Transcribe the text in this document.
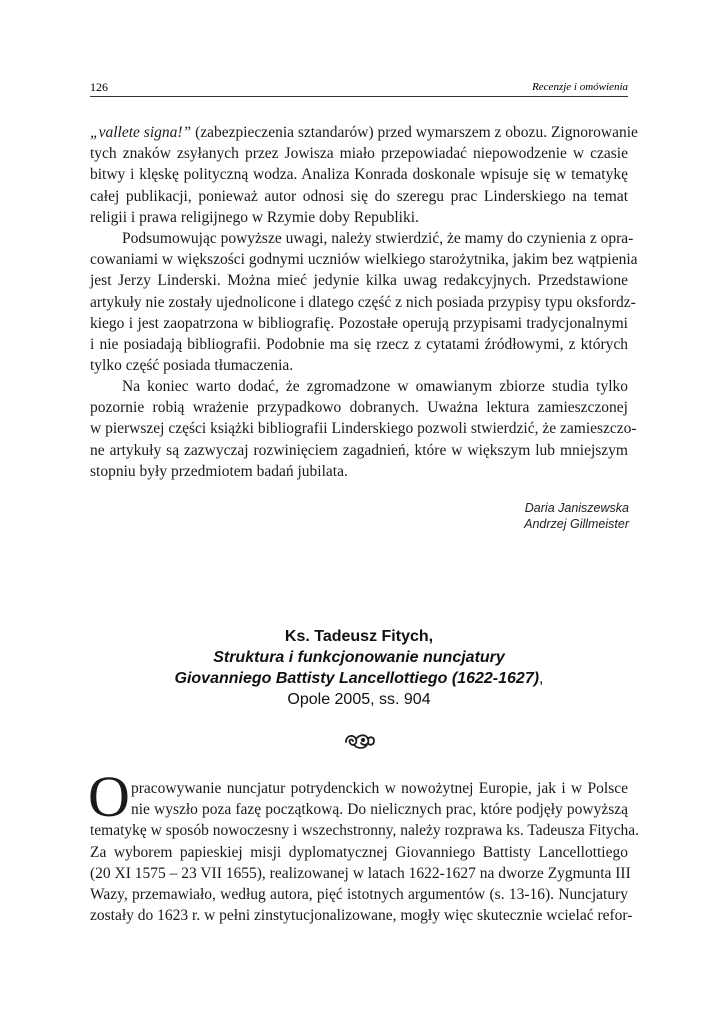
126	Recenzje i omówienia
„vallete signa!” (zabezpieczenia sztandarów) przed wymarszem z obozu. Zignorowanie
tych znaków zsyłanych przez Jowisza miało przepowiadać niepowodzenie w czasie
bitwy i klęskę polityczną wodza. Analiza Konrada doskonale wpisuje się w tematykę
całej publikacji, ponieważ autor odnosi się do szeregu prac Linderskiego na temat
religii i prawa religijnego w Rzymie doby Republiki.
Podsumowując powyższe uwagi, należy stwierdzić, że mamy do czynienia z opra-
cowaniami w większości godnymi uczniów wielkiego starożytnika, jakim bez wątpienia
jest Jerzy Linderski. Można mieć jedynie kilka uwag redakcyjnych. Przedstawione
artykuły nie zostały ujednolicone i dlatego część z nich posiada przypisy typu oksfordz-
kiego i jest zaopatrzona w bibliografię. Pozostałe operują przypisami tradycjonalnymi
i nie posiadają bibliografii. Podobnie ma się rzecz z cytatami źródłowymi, z których
tylko część posiada tłumaczenia.
Na koniec warto dodać, że zgromadzone w omawianym zbiorze studia tylko
pozornie robią wrażenie przypadkowo dobranych. Uważna lektura zamieszczonej
w pierwszej części książki bibliografii Linderskiego pozwoli stwierdzić, że zamieszczo-
ne artykuły są zazwyczaj rozwinięciem zagadnień, które w większym lub mniejszym
stopniu były przedmiotem badań jubilata.
Daria Janiszewska
Andrzej Gillmeister
Ks. Tadeusz Fitych,
Struktura i funkcjonowanie nuncjatury
Giovanniego Battisty Lancellottiego (1622-1627),
Opole 2005, ss. 904
O pracowywanie nuncjatur potrydenckich w nowożytnej Europie, jak i w Polsce
nie wyszło poza fazę początkową. Do nielicznych prac, które podjęły powyższą
tematykę w sposób nowoczesny i wszechstronny, należy rozprawa ks. Tadeusza Fitycha.
Za wyborem papieskiej misji dyplomatycznej Giovanniego Battisty Lancellottiego
(20 XI 1575 – 23 VII 1655), realizowanej w latach 1622-1627 na dworze Zygmunta III
Wazy, przemawiało, według autora, pięć istotnych argumentów (s. 13-16). Nuncjatury
zostały do 1623 r. w pełni zinstytucjonalizowane, mogły więc skutecznie wcielać refor-
